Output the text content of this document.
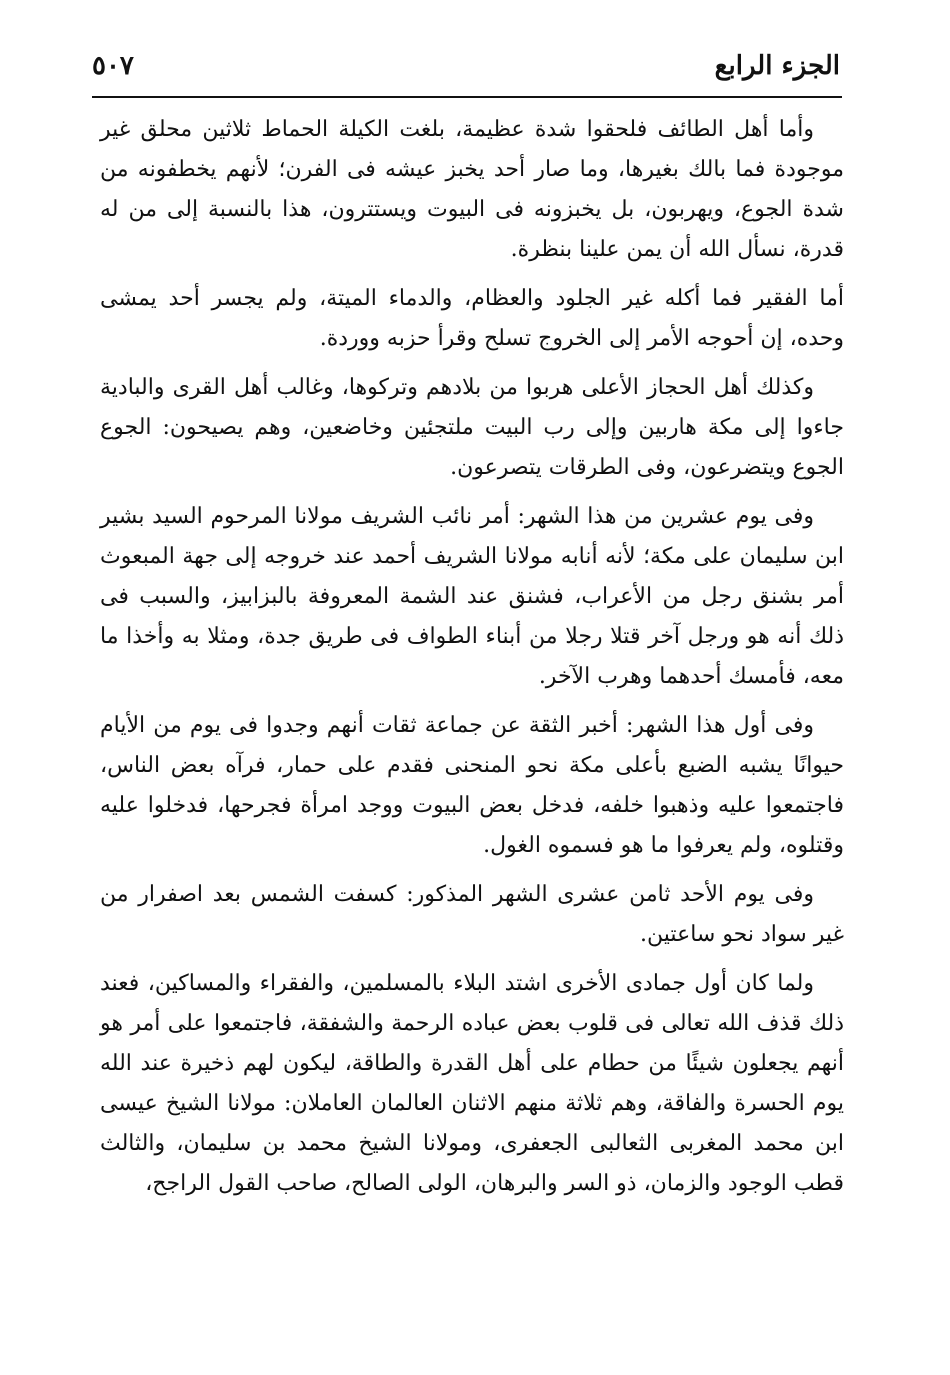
الجزء الرابع
٥٠٧

وأما أهل الطائف فلحقوا شدة عظيمة، بلغت الكيلة الحماط ثلاثين محلق غير موجودة فما بالك بغيرها، وما صار أحد يخبز عيشه فى الفرن؛ لأنهم يخطفونه من شدة الجوع، ويهربون، بل يخبزونه فى البيوت ويستترون، هذا بالنسبة إلى من له قدرة، نسأل الله أن يمن علينا بنظرة.

أما الفقير فما أكله غير الجلود والعظام، والدماء الميتة، ولم يجسر أحد يمشى وحده، إن أحوجه الأمر إلى الخروج تسلح وقرأ حزبه ووردة.

وكذلك أهل الحجاز الأعلى هربوا من بلادهم وتركوها، وغالب أهل القرى والبادية جاءوا إلى مكة هاربين وإلى رب البيت ملتجئين وخاضعين، وهم يصيحون: الجوع الجوع ويتضرعون، وفى الطرقات يتصرعون.

وفى يوم عشرين من هذا الشهر: أمر نائب الشريف مولانا المرحوم السيد بشير ابن سليمان على مكة؛ لأنه أنابه مولانا الشريف أحمد عند خروجه إلى جهة المبعوث أمر بشنق رجل من الأعراب، فشنق عند الشمة المعروفة بالبزابيز، والسبب فى ذلك أنه هو ورجل آخر قتلا رجلا من أبناء الطواف فى طريق جدة، ومثلا به وأخذا ما معه، فأمسك أحدهما وهرب الآخر.

وفى أول هذا الشهر: أخبر الثقة عن جماعة ثقات أنهم وجدوا فى يوم من الأيام حيوانًا يشبه الضبع بأعلى مكة نحو المنحنى فقدم على حمار، فرآه بعض الناس، فاجتمعوا عليه وذهبوا خلفه، فدخل بعض البيوت ووجد امرأة فجرحها، فدخلوا عليه وقتلوه، ولم يعرفوا ما هو فسموه الغول.

وفى يوم الأحد ثامن عشرى الشهر المذكور: كسفت الشمس بعد اصفرار من غير سواد نحو ساعتين.

ولما كان أول جمادى الأخرى اشتد البلاء بالمسلمين، والفقراء والمساكين، فعند ذلك قذف الله تعالى فى قلوب بعض عباده الرحمة والشفقة، فاجتمعوا على أمر هو أنهم يجعلون شيئًا من حطام على أهل القدرة والطاقة، ليكون لهم ذخيرة عند الله يوم الحسرة والفاقة، وهم ثلاثة منهم الاثنان العالمان العاملان: مولانا الشيخ عيسى ابن محمد المغربى الثعالبى الجعفرى، ومولانا الشيخ محمد بن سليمان، والثالث قطب الوجود والزمان، ذو السر والبرهان، الولى الصالح، صاحب القول الراجح،
